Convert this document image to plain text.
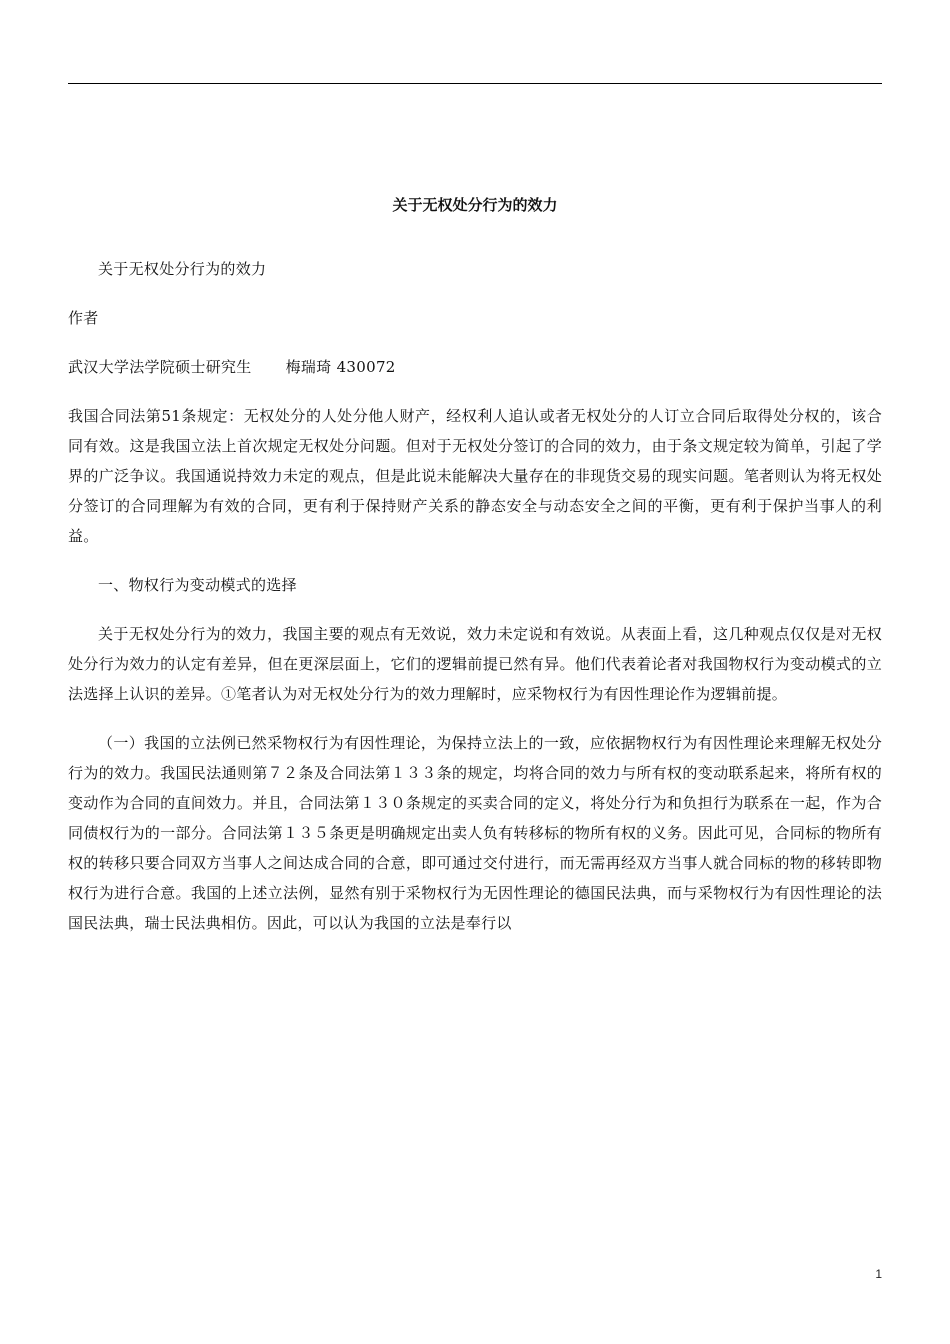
关于无权处分行为的效力

关于无权处分行为的效力

作者

武汉大学法学院硕士研究生 梅瑞琦 430072

我国合同法第51条规定：无权处分的人处分他人财产，经权利人追认或者无权处分的人订立合同后取得处分权的，该合同有效。这是我国立法上首次规定无权处分问题。但对于无权处分签订的合同的效力，由于条文规定较为简单，引起了学界的广泛争议。我国通说持效力未定的观点，但是此说未能解决大量存在的非现货交易的现实问题。笔者则认为将无权处分签订的合同理解为有效的合同，更有利于保持财产关系的静态安全与动态安全之间的平衡，更有利于保护当事人的利益。

一、物权行为变动模式的选择

关于无权处分行为的效力，我国主要的观点有无效说，效力未定说和有效说。从表面上看，这几种观点仅仅是对无权处分行为效力的认定有差异，但在更深层面上，它们的逻辑前提已然有异。他们代表着论者对我国物权行为变动模式的立法选择上认识的差异。①笔者认为对无权处分行为的效力理解时，应采物权行为有因性理论作为逻辑前提。

（一）我国的立法例已然采物权行为有因性理论，为保持立法上的一致，应依据物权行为有因性理论来理解无权处分行为的效力。我国民法通则第７２条及合同法第１３３条的规定，均将合同的效力与所有权的变动联系起来，将所有权的变动作为合同的直间效力。并且，合同法第１３０条规定的买卖合同的定义，将处分行为和负担行为联系在一起，作为合同债权行为的一部分。合同法第１３５条更是明确规定出卖人负有转移标的物所有权的义务。因此可见，合同标的物所有权的转移只要合同双方当事人之间达成合同的合意，即可通过交付进行，而无需再经双方当事人就合同标的物的移转即物权行为进行合意。我国的上述立法例，显然有别于采物权行为无因性理论的德国民法典，而与采物权行为有因性理论的法国民法典，瑞士民法典相仿。因此，可以认为我国的立法是奉行以

1
